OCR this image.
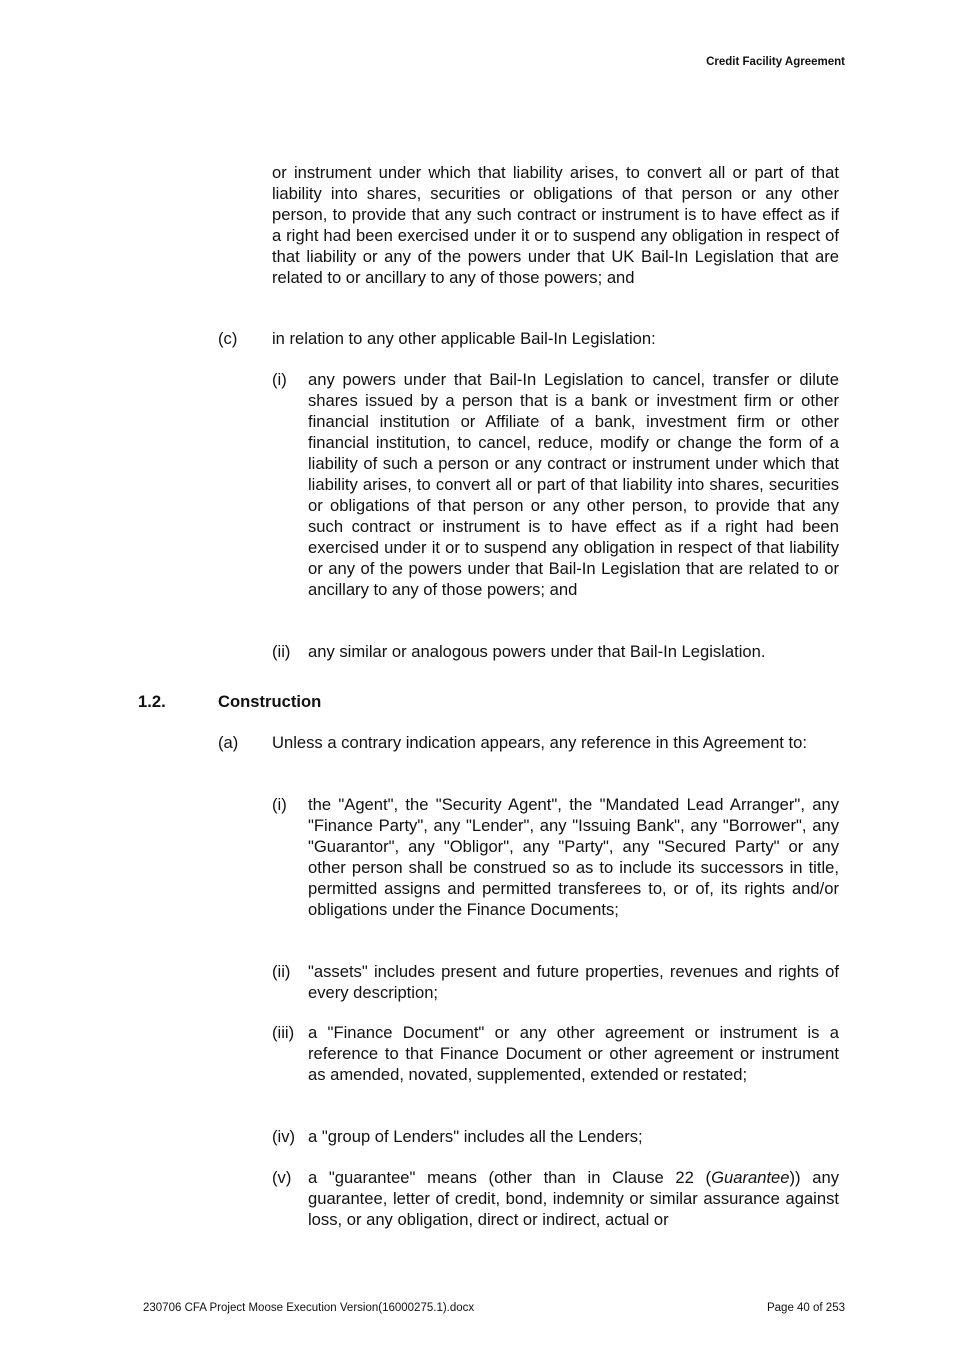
Credit Facility Agreement
or instrument under which that liability arises, to convert all or part of that liability into shares, securities or obligations of that person or any other person, to provide that any such contract or instrument is to have effect as if a right had been exercised under it or to suspend any obligation in respect of that liability or any of the powers under that UK Bail-In Legislation that are related to or ancillary to any of those powers; and
(c) in relation to any other applicable Bail-In Legislation:
(i) any powers under that Bail-In Legislation to cancel, transfer or dilute shares issued by a person that is a bank or investment firm or other financial institution or Affiliate of a bank, investment firm or other financial institution, to cancel, reduce, modify or change the form of a liability of such a person or any contract or instrument under which that liability arises, to convert all or part of that liability into shares, securities or obligations of that person or any other person, to provide that any such contract or instrument is to have effect as if a right had been exercised under it or to suspend any obligation in respect of that liability or any of the powers under that Bail-In Legislation that are related to or ancillary to any of those powers; and
(ii) any similar or analogous powers under that Bail-In Legislation.
1.2.	Construction
(a) Unless a contrary indication appears, any reference in this Agreement to:
(i) the "Agent", the "Security Agent", the "Mandated Lead Arranger", any "Finance Party", any "Lender", any "Issuing Bank", any "Borrower", any "Guarantor", any "Obligor", any "Party", any "Secured Party" or any other person shall be construed so as to include its successors in title, permitted assigns and permitted transferees to, or of, its rights and/or obligations under the Finance Documents;
(ii) "assets" includes present and future properties, revenues and rights of every description;
(iii) a "Finance Document" or any other agreement or instrument is a reference to that Finance Document or other agreement or instrument as amended, novated, supplemented, extended or restated;
(iv) a "group of Lenders" includes all the Lenders;
(v) a "guarantee" means (other than in Clause 22 (Guarantee)) any guarantee, letter of credit, bond, indemnity or similar assurance against loss, or any obligation, direct or indirect, actual or
230706 CFA Project Moose Execution Version(16000275.1).docx	Page 40 of 253
